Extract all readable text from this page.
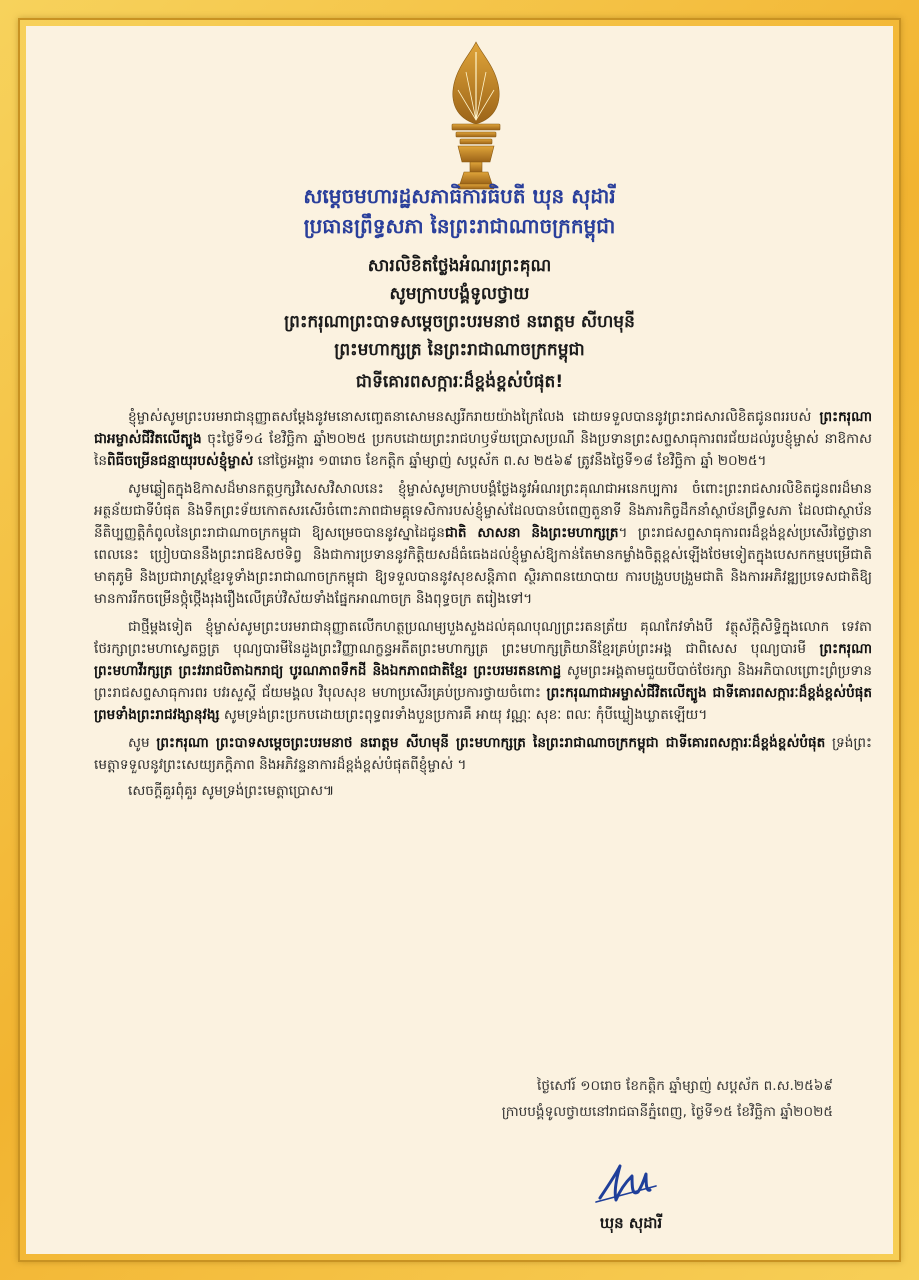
សម្តេចមហារដ្ឋសភាធិការធិបតី ឃុន សុដារី
ប្រធានព្រឹទ្ធសភា នៃព្រះរាជាណាចក្រកម្ពុជា
សារលិខិតថ្លែងអំណរព្រះគុណ
សូមក្រាបបង្គំទូលថ្វាយ
ព្រះករុណាព្រះបាទសម្តេចព្រះបរមនាថ នរោត្តម សីហមុនី
ព្រះមហាក្សត្រ នៃព្រះរាជាណាចក្រកម្ពុជា
ជាទីគោរពសក្ការៈដ៏ខ្ពង់ខ្ពស់បំផុត!

ខ្ញុំម្ចាស់សូមព្រះបរមរាជានុញ្ញាតសម្តែងនូវមនោសញ្ចេតនាសោមនស្សរីករាយយ៉ាងក្រៃលែង ដោយទទួលបាននូវព្រះរាជសារលិខិតជូនពររបស់ ព្រះករុណាជាអម្ចាស់ជីវិតលើត្បូង ចុះថ្ងៃទី១៤ ខែវិច្ឆិកា ឆ្នាំ២០២៥ ប្រកបដោយព្រះរាជហឫទ័យប្រោសប្រណី និងប្រទានព្រះសព្ទសាធុការពរជ័យដល់រូបខ្ញុំម្ចាស់ នាឱកាសនៃពិធីចម្រើនជន្មាយុរបស់ខ្ញុំម្ចាស់ នៅថ្ងៃអង្គារ ១៣រោច ខែកត្តិក ឆ្នាំម្សាញ់ សប្តស័ក ព.ស ២៥៦៩ ត្រូវនឹងថ្ងៃទី១៨ ខែវិច្ឆិកា ឆ្នាំ ២០២៥។

សូមឆ្លៀតក្នុងឱកាសដ៏មានកត្តឫក្សវិសេសវិសាលនេះ ខ្ញុំម្ចាស់សូមក្រាបបង្គំថ្លែងនូវអំណរព្រះគុណជាអនេកប្បការ ចំពោះព្រះរាជសារលិខិតជូនពរដ៏មានអត្ថន័យជាទីបំផុត និងទឹកព្រះទ័យកោតសរសើរចំពោះភាពជាមគ្គុទេសិការបស់ខ្ញុំម្ចាស់ដែលបានបំពេញតួនាទី និងភារកិច្ចដឹកនាំស្ថាប័នព្រឹទ្ធសភា ដែលជាស្ថាប័ននីតិប្បញ្ញត្តិកំពូលនៃព្រះរាជាណាចក្រកម្ពុជា ឱ្យសម្រេចបាននូវស្នាដៃជូនជាតិ សាសនា និងព្រះមហាក្សត្រ។ ព្រះរាជសព្ទសាធុការពរដ៏ខ្ពង់ខ្ពស់ប្រសើរថ្លៃថ្លានាពេលនេះ ប្រៀបបាននឹងព្រះរាជឱសថទិព្វ និងជាការប្រទាននូវកិត្តិយសដ៏ធំធេងដល់ខ្ញុំម្ចាស់ឱ្យកាន់តែមានកម្លាំងចិត្តខ្ពស់ឡើងថែមទៀតក្នុងបេសកកម្មបម្រើជាតិ មាតុភូមិ និងប្រជារាស្ត្រខ្មែរទូទាំងព្រះរាជាណាចក្រកម្ពុជា ឱ្យទទួលបាននូវសុខសន្តិភាព ស្ថិរភាពនយោបាយ ការបង្រួបបង្រួមជាតិ និងការអភិវឌ្ឍប្រទេសជាតិឱ្យមានការរីកចម្រើនថ្កុំថ្កើងរុងរឿងលើគ្រប់វិស័យទាំងផ្នែកអាណាចក្រ និងពុទ្ធចក្រ តរៀងទៅ។

ជាថ្មីម្តងទៀត ខ្ញុំម្ចាស់សូមព្រះបរមរាជានុញ្ញាតលើកហត្ថប្រណម្យបួងសួងដល់គុណបុណ្យព្រះរតនត្រ័យ គុណកែវទាំងបី វត្ថុស័ក្តិសិទ្ធិក្នុងលោក ទេវតាថែរក្សាព្រះមហាស្វេតច្ឆត្រ បុណ្យបារមីនៃដួងព្រះវិញ្ញាណក្ខន្ធអតីតព្រះមហាក្សត្រ ព្រះមហាក្សត្រិយានីខ្មែរគ្រប់ព្រះអង្គ ជាពិសេស បុណ្យបារមី ព្រះករុណាព្រះមហាវីរក្សត្រ ព្រះវររាជបិតាឯករាជ្យ បូរណភាពទឹកដី និងឯកភាពជាតិខ្មែរ ព្រះបរមរតនកោដ្ឋ សូមព្រះអង្គតាមជួយបីបាច់ថែរក្សា និងអភិបាលព្រោះព្រំប្រទានព្រះរាជសព្ទសាធុការពរ បវរសួស្តី ជ័យមង្គល វិបុលសុខ មហាប្រសើរគ្រប់ប្រការថ្វាយចំពោះ ព្រះករុណាជាអម្ចាស់ជីវិតលើត្បូង ជាទីគោរពសក្ការៈដ៏ខ្ពង់ខ្ពស់បំផុត ព្រមទាំងព្រះរាជវង្សានុវង្ស សូមទ្រង់ព្រះប្រកបដោយព្រះពុទ្ធពរទាំងបួនប្រការគឺ អាយុ វណ្ណៈ សុខៈ ពលៈ កុំបីឃ្លៀងឃ្លាតឡើយ។

សូម ព្រះករុណា ព្រះបាទសម្តេចព្រះបរមនាថ នរោត្តម សីហមុនី ព្រះមហាក្សត្រ នៃព្រះរាជាណាចក្រកម្ពុជា ជាទីគោរពសក្ការៈដ៏ខ្ពង់ខ្ពស់បំផុត ទ្រង់ព្រះមេត្តាទទួលនូវព្រះសេយ្យភក្តិភាព និងអភិវន្ទនាការដ៏ខ្ពង់ខ្ពស់បំផុតពីខ្ញុំម្ចាស់ ។

សេចក្តីគួរពុំគួរ សូមទ្រង់ព្រះមេត្តាប្រោស៕

ថ្ងៃសៅរ៍ ១០រោច ខែកត្តិក ឆ្នាំម្សាញ់ សប្តស័ក ព.ស.២៥៦៩
ក្រាបបង្គំទូលថ្វាយនៅរាជធានីភ្នំពេញ, ថ្ងៃទី១៥ ខែវិច្ឆិកា ឆ្នាំ២០២៥
ឃុន សុដារី
